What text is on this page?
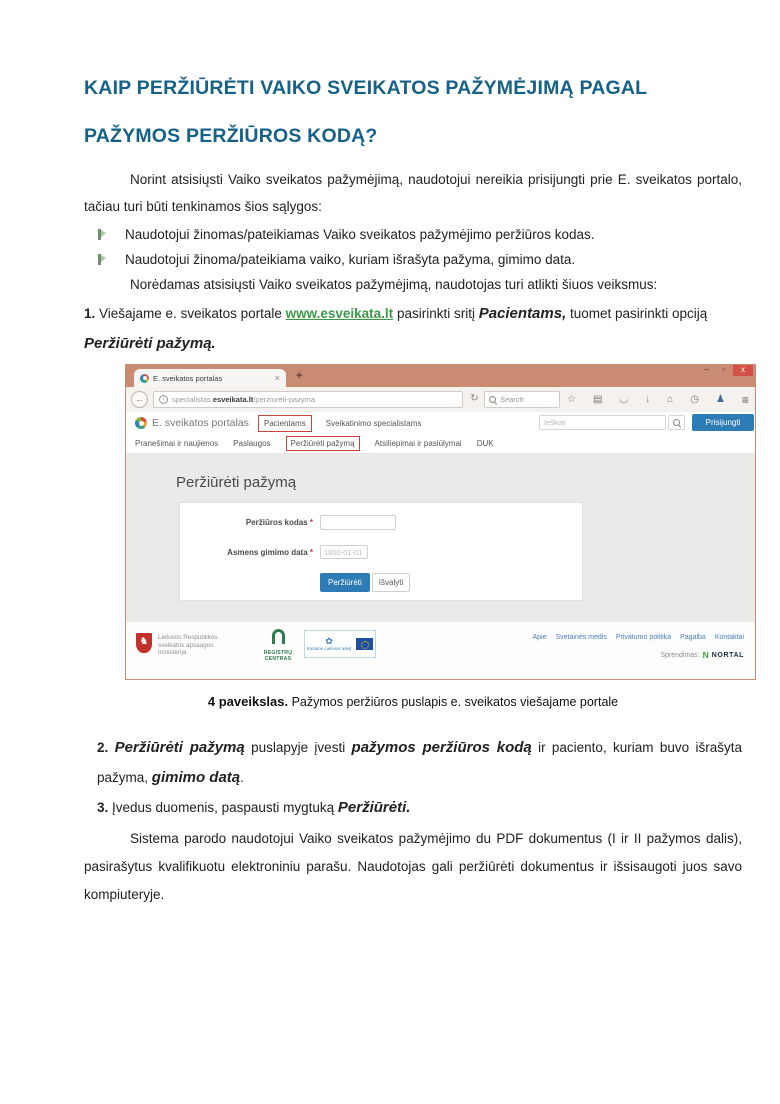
KAIP PERŽIŪRĖTI VAIKO SVEIKATOS PAŽYMĖJIMĄ PAGAL PAŽYMOS PERŽIŪROS KODĄ?

Norint atsisiųsti Vaiko sveikatos pažymėjimą, naudotojui nereikia prisijungti prie E. sveikatos portalo, tačiau turi būti tenkinamos šios sąlygos:

Naudotojui žinomas/pateikiamas Vaiko sveikatos pažymėjimo peržiūros kodas.
Naudotojui žinoma/pateikiama vaiko, kuriam išrašyta pažyma, gimimo data.

Norėdamas atsisiųsti Vaiko sveikatos pažymėjimą, naudotojas turi atlikti šiuos veiksmus:

1. Viešajame e. sveikatos portale www.esveikata.lt pasirinkti sritį Pacientams, tuomet pasirinkti opciją
Peržiūrėti pažymą.

E. sveikatos portalas	× +
–	▫	x
←	i	specialistas.esveikata.lt/perziureti-pazyma	↻
Search	☆ ▤ ◡ ↓ ⌂ ◷ ♟ ≡
E. sveikatos portalas	Pacientams	Sveikatinimo specialistams
Ieškoti	Prisijungti
Pranešimai ir naujienos Paslaugos	Peržiūrėti pažymą	Atsiliepimai ir pasiūlymai DUK
Peržiūrėti pažymą
Peržiūros kodas *
Asmens gimimo data *
1800-01-01
Peržiūrėti	Išvalyti
♞	Lietuvos Respublikos
sveikatos apsaugos
ministerija	REGISTRŲ CENTRAS
✿
Kuriame Lietuvos ateitį
Apie Svetainės medis Privatumo politika Pagalba Kontaktai
Sprendimas: N NORTAL

4 paveikslas. Pažymos peržiūros puslapis e. sveikatos viešajame portale

2. Peržiūrėti pažymą puslapyje įvesti pažymos peržiūros kodą ir paciento, kuriam buvo išrašyta pažyma, gimimo datą.

3. Įvedus duomenis, paspausti mygtuką Peržiūrėti.

Sistema parodo naudotojui Vaiko sveikatos pažymėjimo du PDF dokumentus (I ir II pažymos dalis), pasirašytus kvalifikuotu elektroniniu parašu. Naudotojas gali peržiūrėti dokumentus ir išsisaugoti juos savo kompiuteryje.
